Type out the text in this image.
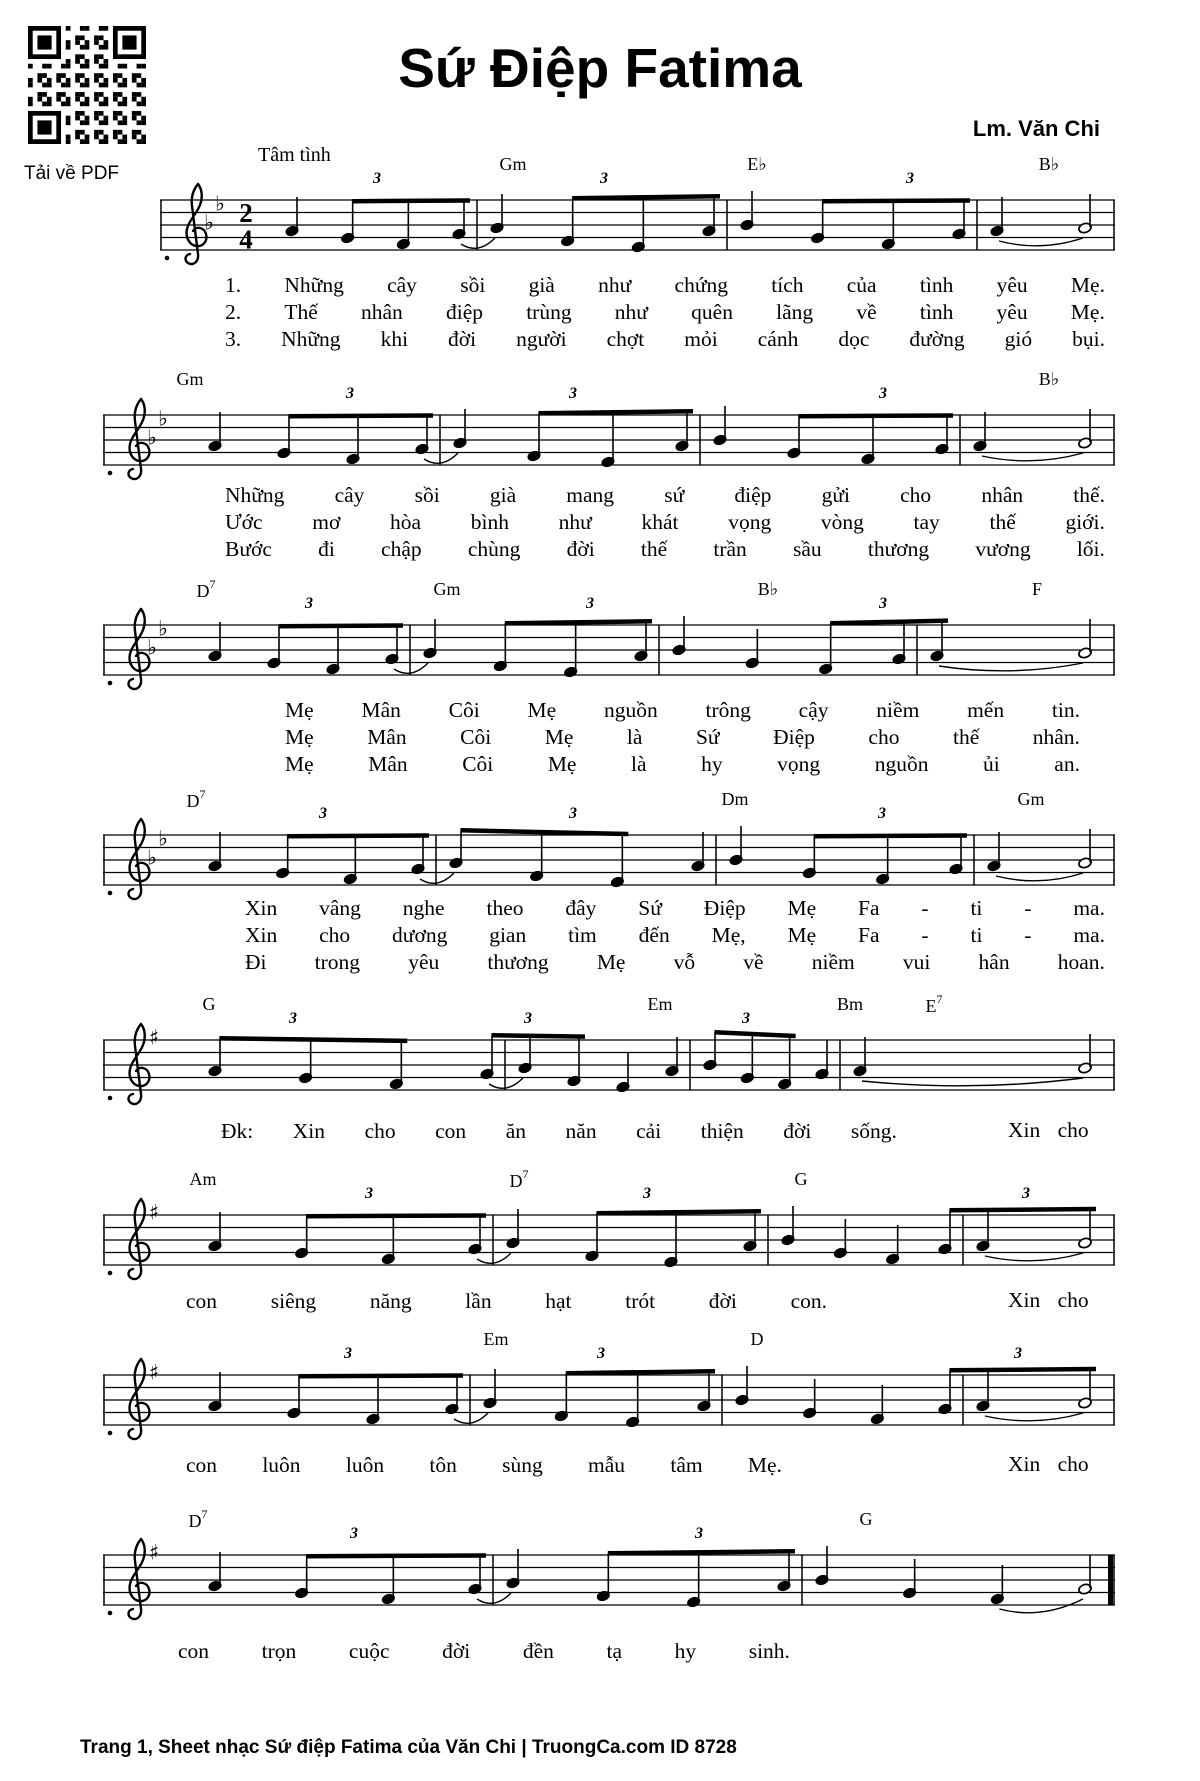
Tải về PDF
Sứ Điệp Fatima
Tâm tình
Lm. Văn Chi
Gm	E♭	B♭
3	3	3
♭
♭ 2
4
1. Những cây sồi già như chứng tích của tình yêu Mẹ.
2. Thế nhân điệp trùng như quên lãng về tình yêu Mẹ.
3. Những khi đời người chợt mỏi cánh dọc đường gió bụi.
Gm	B♭
3	3	3
♭
♭
Những cây sồi già mang sứ điệp gửi cho nhân thế.
Ước mơ hòa bình như khát vọng vòng tay thế giới.
Bước đi chập chùng đời thế trần sầu thương vương lối.
$D^7$	Gm	B♭	F
3	3	3
♭
♭
Mẹ Mân Côi Mẹ nguồn trông cậy niềm mến tin.
Mẹ Mân Côi Mẹ là Sứ Điệp cho thế nhân.
Mẹ	Mân	Côi	Mẹ	là	hy	vọng	nguồn	ủi	an.
$D^7$	Dm	Gm
3	3	3
♭
♭
Xin vâng nghe theo đây Sứ Điệp Mẹ Fa - ti - ma.
Xin cho dương gian tìm đến Mẹ, Mẹ Fa - ti - ma.
Đi trong yêu thương Mẹ vỗ về niềm vui hân hoan.
G	Em	Bm	$E^7$
3	3	3
♯
Đk: Xin cho con ăn năn cải thiện đời sống.	Xin cho
Am	$D^7$	G
3	3	3
♯
con siêng năng lần hạt trót đời con.	Xin cho
Em	D
3	3	3
♯
con luôn luôn tôn sùng mẫu tâm Mẹ.	Xin cho
$D^7$	G
3	3
♯
con trọn cuộc đời đền tạ hy sinh.
Trang 1, Sheet nhạc Sứ điệp Fatima của Văn Chi | TruongCa.com ID 8728
